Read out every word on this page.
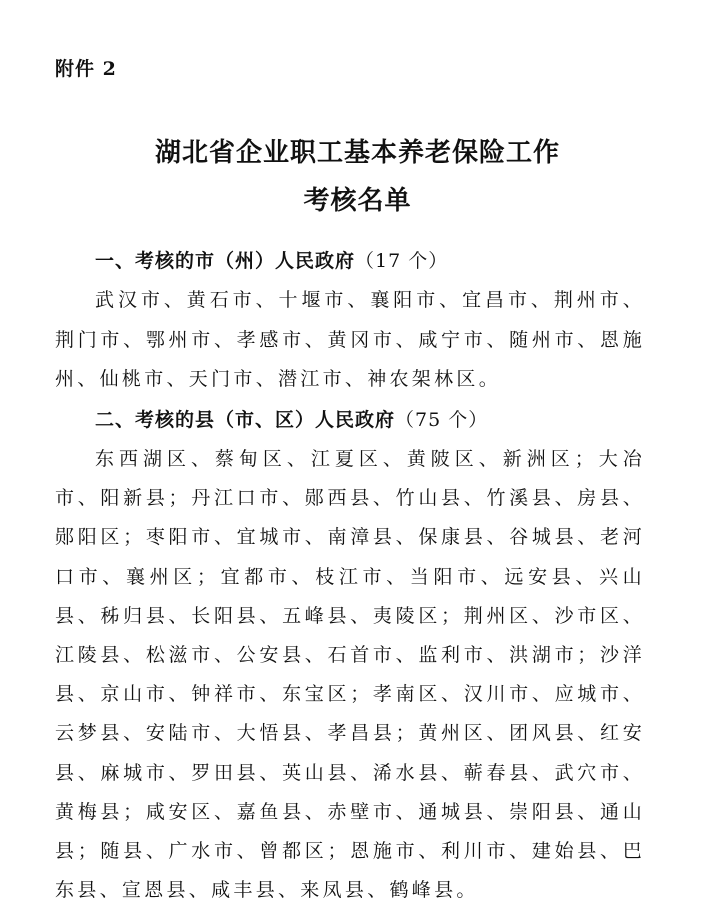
附件 2
湖北省企业职工基本养老保险工作
考核名单
一、考核的市（州）人民政府（17 个）

武汉市、黄石市、十堰市、襄阳市、宜昌市、荆州市、荆门市、鄂州市、孝感市、黄冈市、咸宁市、随州市、恩施州、仙桃市、天门市、潜江市、神农架林区。

二、考核的县（市、区）人民政府（75 个）

东西湖区、蔡甸区、江夏区、黄陂区、新洲区；大冶市、阳新县；丹江口市、郧西县、竹山县、竹溪县、房县、郧阳区；枣阳市、宜城市、南漳县、保康县、谷城县、老河口市、襄州区；宜都市、枝江市、当阳市、远安县、兴山县、秭归县、长阳县、五峰县、夷陵区；荆州区、沙市区、江陵县、松滋市、公安县、石首市、监利市、洪湖市；沙洋县、京山市、钟祥市、东宝区；孝南区、汉川市、应城市、云梦县、安陆市、大悟县、孝昌县；黄州区、团风县、红安县、麻城市、罗田县、英山县、浠水县、蕲春县、武穴市、黄梅县；咸安区、嘉鱼县、赤壁市、通城县、崇阳县、通山县；随县、广水市、曾都区；恩施市、利川市、建始县、巴东县、宣恩县、咸丰县、来凤县、鹤峰县。
